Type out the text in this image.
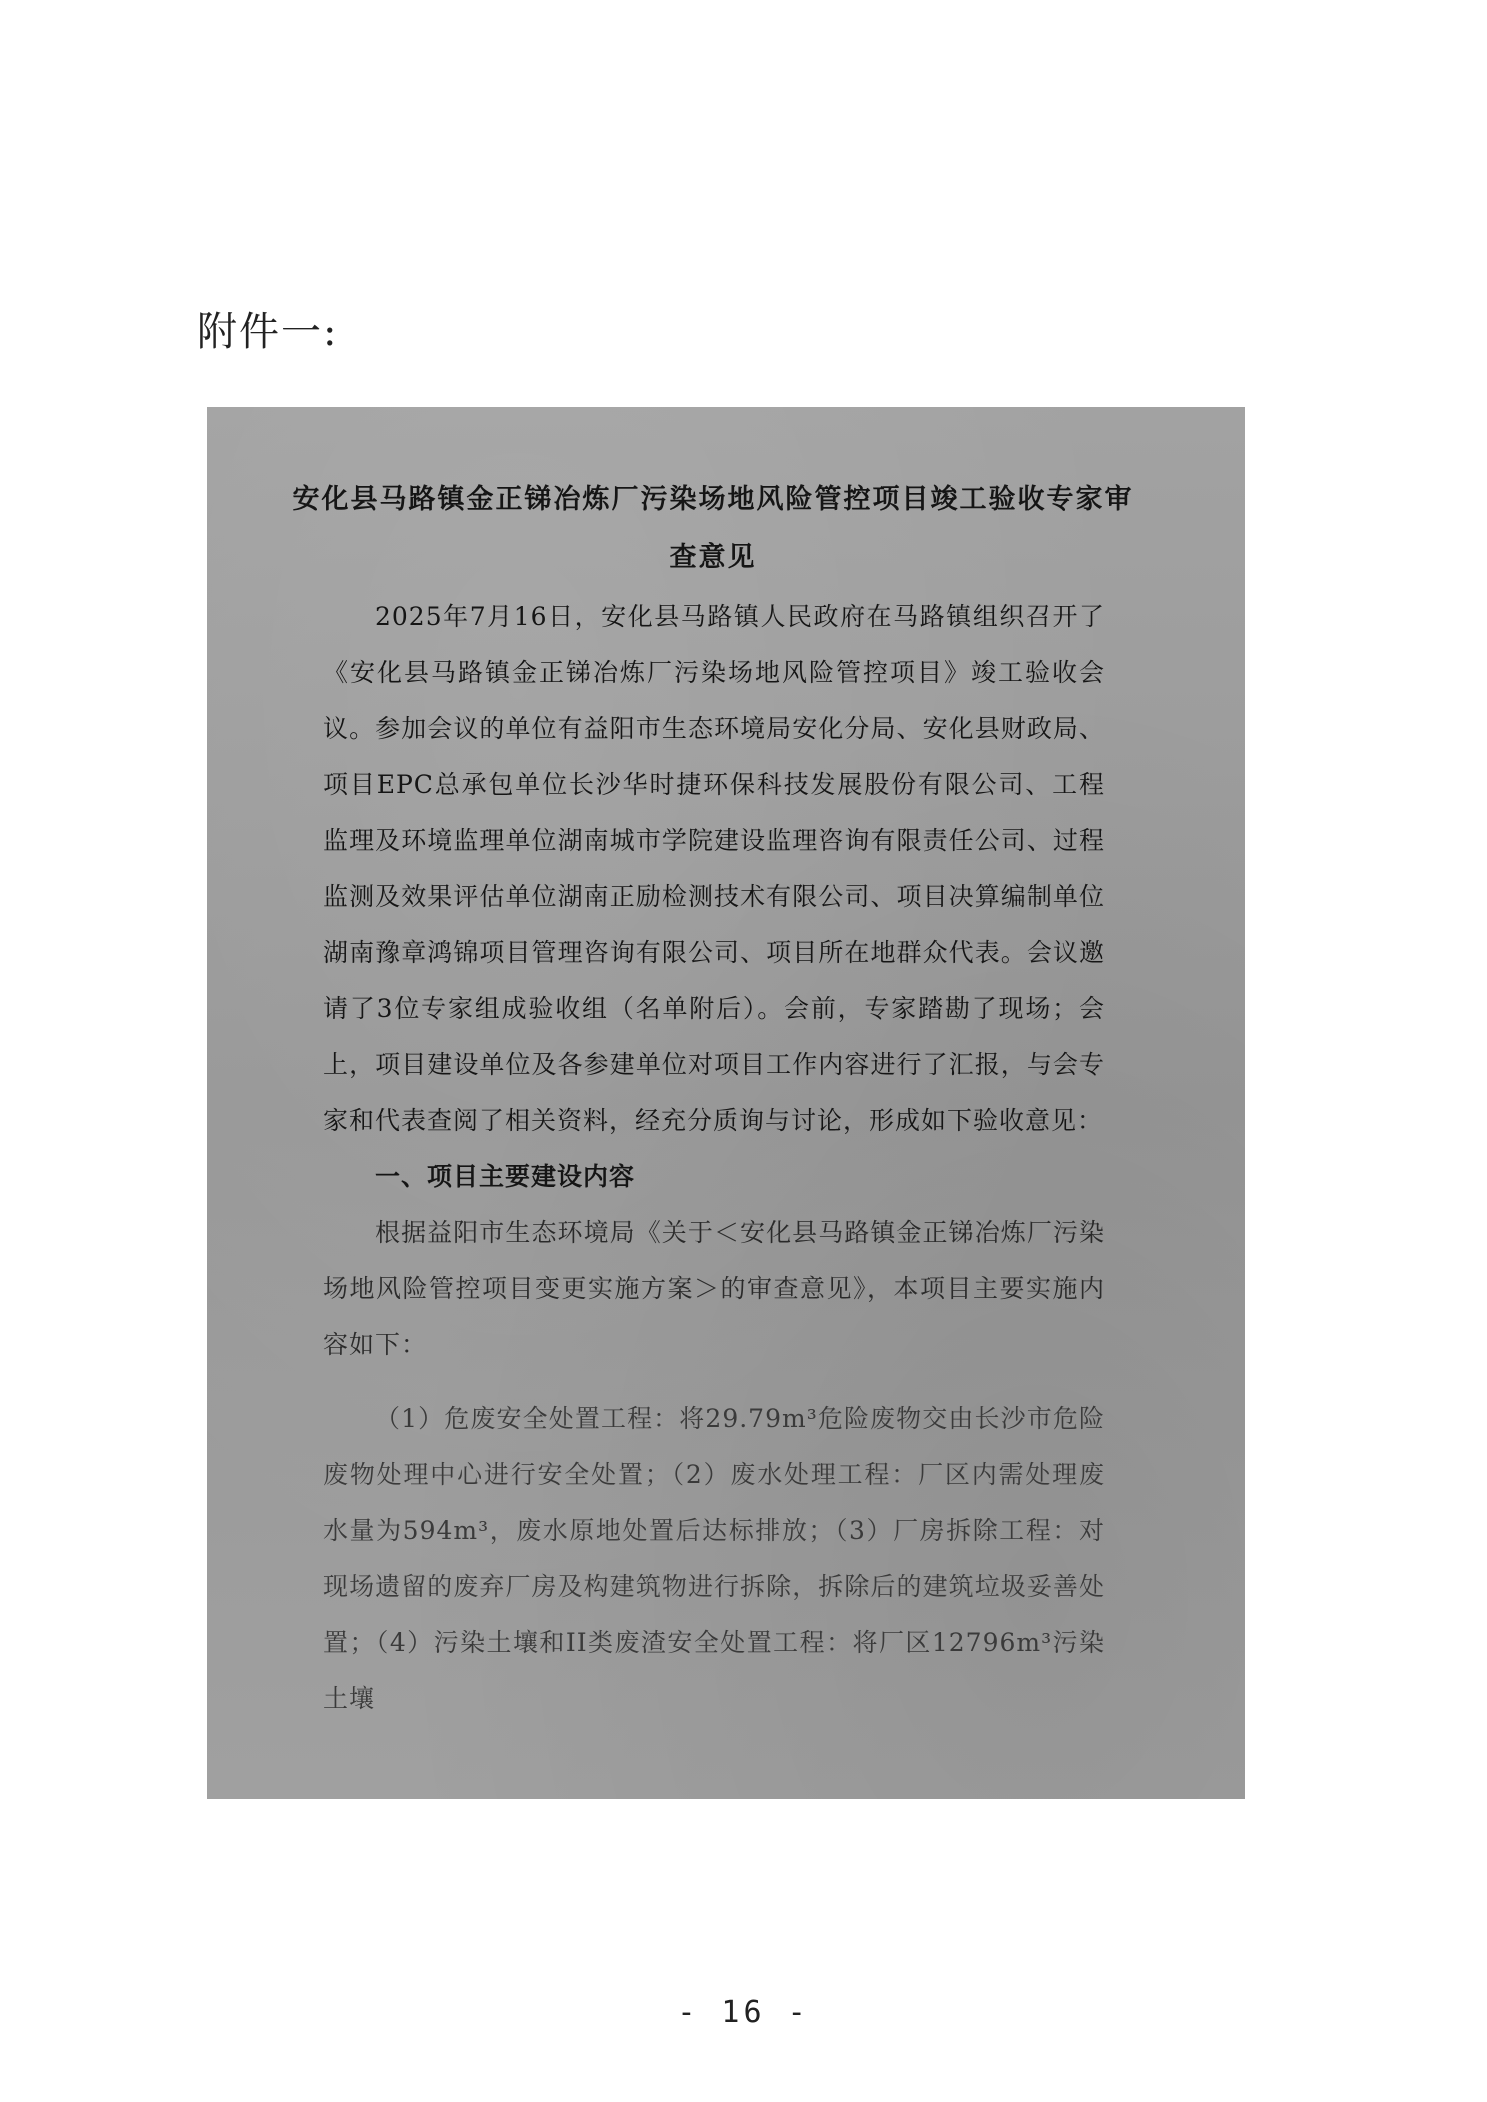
附件一:
安化县马路镇金正锑冶炼厂污染场地风险管控项目竣工验收专家审查意见

2025年7月16日，安化县马路镇人民政府在马路镇组织召开了《安化县马路镇金正锑冶炼厂污染场地风险管控项目》竣工验收会议。参加会议的单位有益阳市生态环境局安化分局、安化县财政局、项目EPC总承包单位长沙华时捷环保科技发展股份有限公司、工程监理及环境监理单位湖南城市学院建设监理咨询有限责任公司、过程监测及效果评估单位湖南正励检测技术有限公司、项目决算编制单位湖南豫章鸿锦项目管理咨询有限公司、项目所在地群众代表。会议邀请了3位专家组成验收组（名单附后）。会前，专家踏勘了现场；会上，项目建设单位及各参建单位对项目工作内容进行了汇报，与会专家和代表查阅了相关资料，经充分质询与讨论，形成如下验收意见：

一、项目主要建设内容

根据益阳市生态环境局《关于＜安化县马路镇金正锑冶炼厂污染场地风险管控项目变更实施方案＞的审查意见》，本项目主要实施内容如下：

（1）危废安全处置工程：将29.79m³危险废物交由长沙市危险废物处理中心进行安全处置；（2）废水处理工程：厂区内需处理废水量为594m³，废水原地处置后达标排放；（3）厂房拆除工程：对现场遗留的废弃厂房及构建筑物进行拆除，拆除后的建筑垃圾妥善处置；（4）污染土壤和II类废渣安全处置工程：将厂区12796m³污染土壤

- 16 -
